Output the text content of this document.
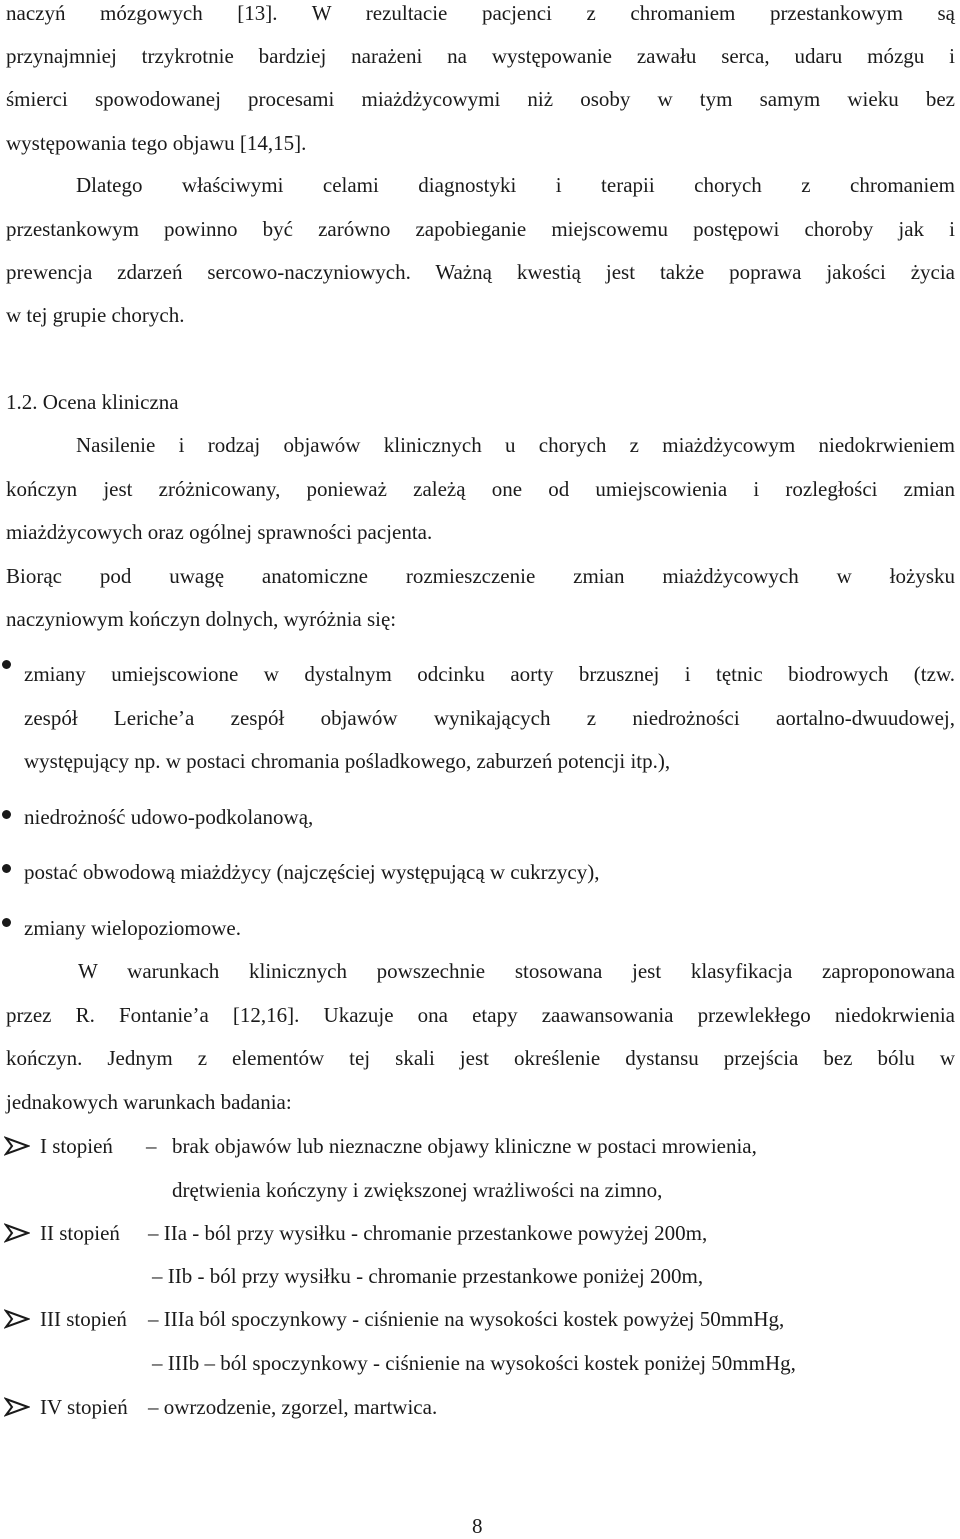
naczyń mózgowych [13]. W rezultacie pacjenci z chromaniem przestankowym są
przynajmniej trzykrotnie bardziej narażeni na występowanie zawału serca, udaru mózgu i
śmierci spowodowanej procesami miażdżycowymi niż osoby w tym samym wieku bez
występowania tego objawu [14,15].
Dlatego właściwymi celami diagnostyki i terapii chorych z chromaniem
przestankowym powinno być zarówno zapobieganie miejscowemu postępowi choroby jak i
prewencja zdarzeń sercowo-naczyniowych. Ważną kwestią jest także poprawa jakości życia
w tej grupie chorych.
1.2. Ocena kliniczna
Nasilenie i rodzaj objawów klinicznych u chorych z miażdżycowym niedokrwieniem
kończyn jest zróżnicowany, ponieważ zależą one od umiejscowienia i rozległości zmian
miażdżycowych oraz ogólnej sprawności pacjenta.
Biorąc pod uwagę anatomiczne rozmieszczenie zmian miażdżycowych w łożysku
naczyniowym kończyn dolnych, wyróżnia się:
zmiany umiejscowione w dystalnym odcinku aorty brzusznej i tętnic biodrowych (tzw.
zespół Leriche’a zespół objawów wynikających z niedrożności aortalno-dwuudowej,
występujący np. w postaci chromania pośladkowego, zaburzeń potencji itp.),
niedrożność udowo-podkolanową,
postać obwodową miażdżycy (najczęściej występującą w cukrzycy),
zmiany wielopoziomowe.
W warunkach klinicznych powszechnie stosowana jest klasyfikacja zaproponowana
przez R. Fontanie’a [12,16]. Ukazuje ona etapy zaawansowania przewlekłego niedokrwienia
kończyn. Jednym z elementów tej skali jest określenie dystansu przejścia bez bólu w
jednakowych warunkach badania:
I stopień – brak objawów lub nieznaczne objawy kliniczne w postaci mrowienia,
drętwienia kończyny i zwiększonej wrażliwości na zimno,
II stopień – IIa - ból przy wysiłku - chromanie przestankowe powyżej 200m,
– IIb - ból przy wysiłku - chromanie przestankowe poniżej 200m,
III stopień – IIIa ból spoczynkowy - ciśnienie na wysokości kostek powyżej 50mmHg,
– IIIb – ból spoczynkowy - ciśnienie na wysokości kostek poniżej 50mmHg,
IV stopień – owrzodzenie, zgorzel, martwica.
8
